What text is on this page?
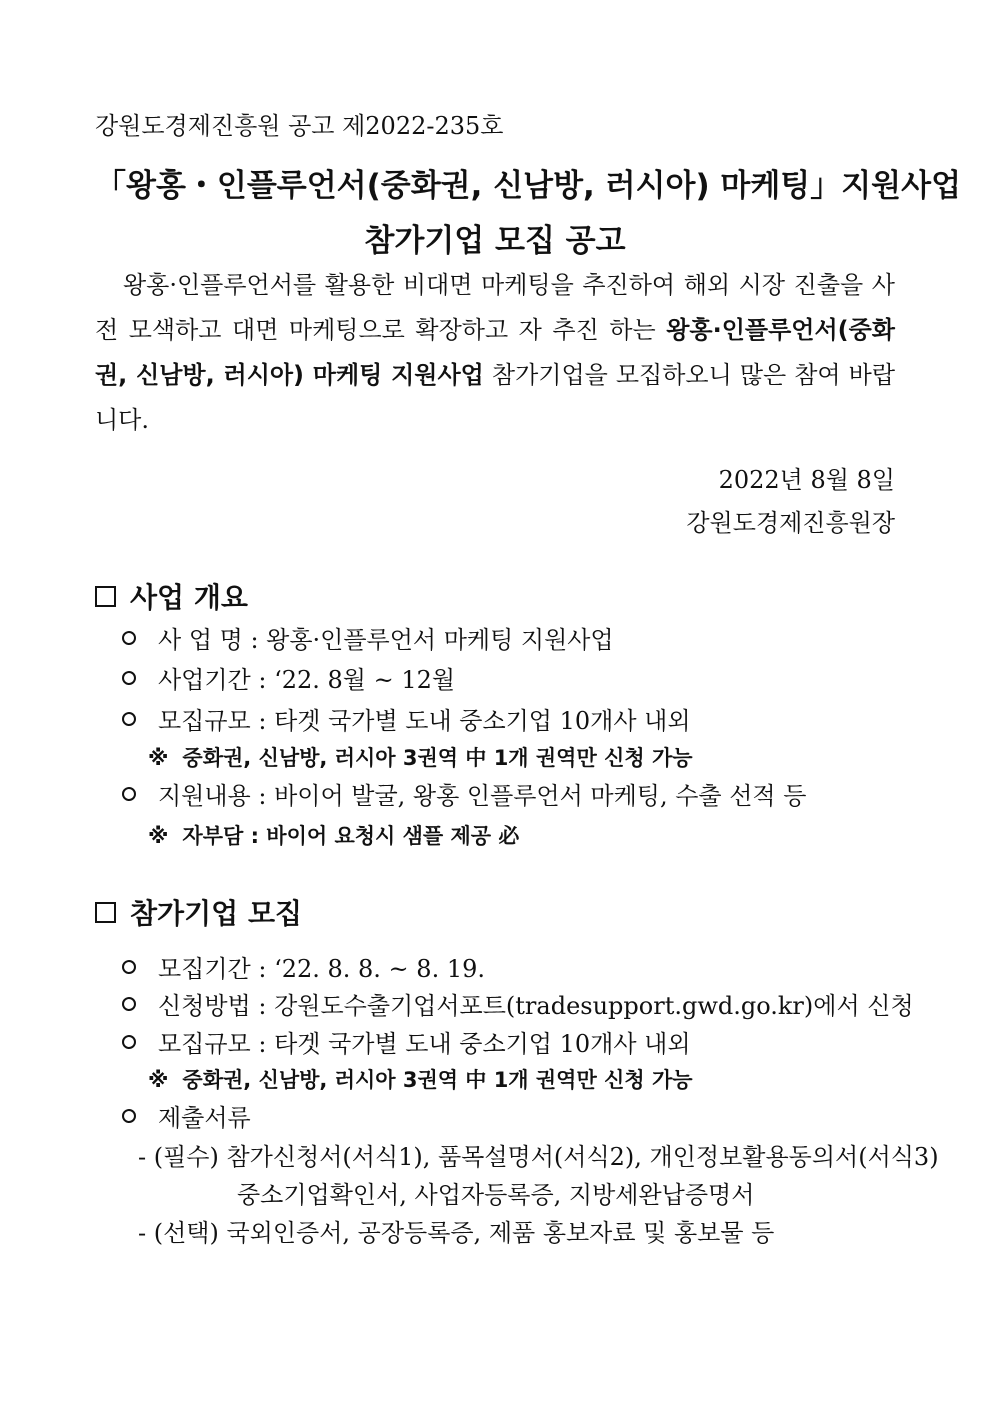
강원도경제진흥원 공고 제2022-235호
「왕홍・인플루언서(중화권, 신남방, 러시아) 마케팅」지원사업
참가기업 모집 공고
왕홍·인플루언서를 활용한 비대면 마케팅을 추진하여 해외 시장 진출을 사전 모색하고 대면 마케팅으로 확장하고 자 추진 하는 왕홍·인플루언서(중화권, 신남방, 러시아) 마케팅 지원사업 참가기업을 모집하오니 많은 참여 바랍니다.
2022년 8월 8일
강원도경제진흥원장
사업 개요
사 업 명 : 왕홍·인플루언서 마케팅 지원사업
사업기간 : ‘22. 8월 ~ 12월
모집규모 : 타겟 국가별 도내 중소기업 10개사 내외
※ 중화권, 신남방, 러시아 3권역 中 1개 권역만 신청 가능
지원내용 : 바이어 발굴, 왕홍 인플루언서 마케팅, 수출 선적 등
※ 자부담 : 바이어 요청시 샘플 제공 必
참가기업 모집
모집기간 : ‘22. 8. 8. ~ 8. 19.
신청방법 : 강원도수출기업서포트(tradesupport.gwd.go.kr)에서 신청
모집규모 : 타겟 국가별 도내 중소기업 10개사 내외
※ 중화권, 신남방, 러시아 3권역 中 1개 권역만 신청 가능
제출서류
- (필수) 참가신청서(서식1), 품목설명서(서식2), 개인정보활용동의서(서식3)
중소기업확인서, 사업자등록증, 지방세완납증명서
- (선택) 국외인증서, 공장등록증, 제품 홍보자료 및 홍보물 등
